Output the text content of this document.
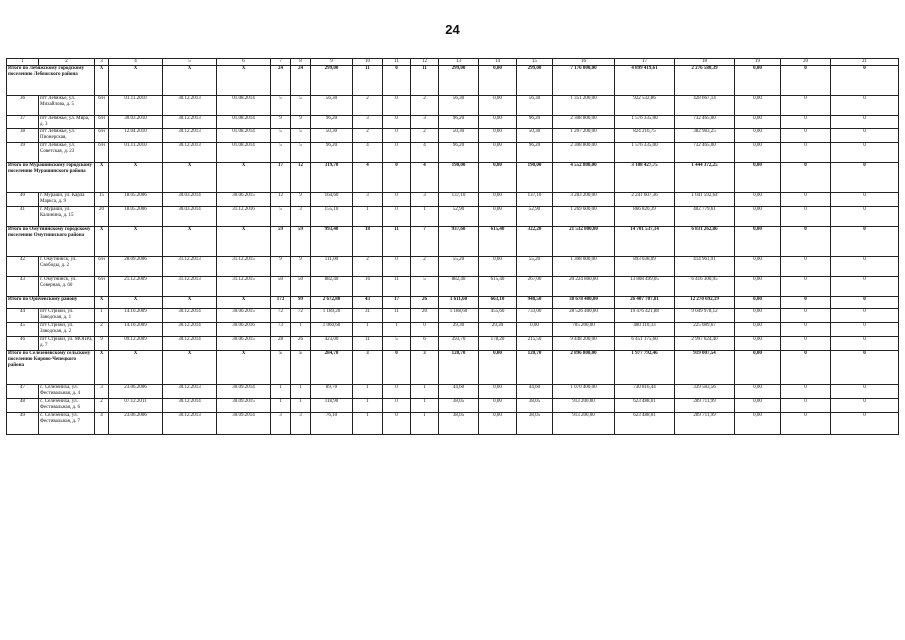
24
1	2	3	4	5	6	7	8	9	10	11	12	13	14	15	16	17	18	19	20	21
Итого по Лебяжскому городскому поселению Лебяжского района		X	X	X	X	24	24	299,00	11	0	11	299,00	0,00	299,00	7 176 000,00	4 899 419,61	2 276 580,39	0,00	0	0
36	пгт Лебяжье, ул. Михайлова, д. 5	б/н	01.11.2010	30.12.2013	01.08.2014	5	5	56,30	2	0	2	56,30	0,00	56,30	1 351 200,00	922 532,86	428 667,14	0,00	0	0
37	пгт Лебяжье, ул. Мира, д. 3	б/н	30.03.2010	30.12.2013	01.08.2014	9	9	96,20	3	0	3	96,20	0,00	96,20	2 308 800,00	1 576 335,00	732 465,00	0,00	0	0
38	пгт Лебяжье, ул. Пионерская,	б/н	12.04.2010	30.12.2013	01.08.2014	5	5	50,30	2	0	2	50,30	0,00	50,30	1 207 200,00	824 216,75	382 983,25	0,00	0	0
39	пгт Лебяжье, ул. Советская, д. 23	б/н	01.11.2010	30.12.2013	01.08.2014	5	5	96,20	4	0	4	96,20	0,00	96,20	2 308 800,00	1 576 335,00	732 465,00	0,00	0	0
Итого по Мурашинскому городскому поселению Мурашинского района		X	X	X	X	17	12	319,70	4	0	4	190,00	0,00	190,00	4 552 800,00	3 108 427,75	1 444 372,25	0,00	0	0
40	г. Мураши, ул. Карла Маркса, д. 9	15	18.05.2006	30.03.2014	30.06.2015	12	9	164,60	3	0	3	137,10	0,00	137,10	3 283 200,00	2 241 607,36	1 041 592,64	0,00	0	0
41	г. Мураши, ул. Калинина, д. 15	20	18.05.2006	30.03.2014	31.12.2016	5	3	155,10	1	0	1	52,90	0,00	52,90	1 269 600,00	866 820,39	402 779,61	0,00	0	0
Итого по Омутнинскому городскому поселению Омутнинского района		X	X	X	X	59	59	993,40	18	11	7	937,60	615,40	322,20	21 532 800,00	14 701 537,14	6 831 262,86	0,00	0	0
42	г. Омутнинск, ул. Свободы, д. 2	б/н	28.09.2006	31.12.2013	31.12.2015	9	9	111,00	2	0	2	55,20	0,00	55,20	1 308 000,00	893 038,09	414 961,91	0,00	0	0
43	г. Омутнинск, ул. Северная, д. 60	б/н	21.12.2009	31.12.2013	31.12.2015	50	50	882,40	16	11	5	882,40	615,40	267,00	20 224 800,00	13 808 499,05	6 416 300,95	0,00	0	0
Итого по Оричевскому району		X	X	X	X	173	99	2 672,80	43	17	26	1 611,60	663,10	948,50	38 678 400,00	26 407 707,81	12 270 692,19	0,00	0	0
44	пгт Стрижи, ул. Заводская, д. 1	1	14.10.2009	30.12.2014	30.06.2015	72	72	1 189,20	31	11	20	1 188,60	455,60	733,00	28 526 400,00	19 476 421,88	9 049 978,12	0,00	0	0
45	пгт Стрижи, ул. Заводская, д. 2	2	14.10.2009	30.12.2014	30.06.2016	73	1	1 060,60	1	1	0	29,30	29,30	0,00	705 200,00	480 110,33	225 089,67	0,00	0	0
46	пгт Стрижи, ул. МОПРа, д. 7	9	09.12.2009	30.12.2014	30.06.2015	28	26	423,00	11	5	6	393,70	178,20	215,50	9 448 200,00	6 451 175,60	2 997 624,40	0,00	0	0
Итого по Селезеневскому сельскому поселению Кирово-Чепецкого района		X	X	X	X	5	5	284,70	3	0	3	120,70	0,00	120,70	2 896 800,00	1 977 792,46	919 007,54	0,00	0	0
47	с. Селезениха, ул. Фестивальная, д. 4	3	23.06.2006	30.12.2013	30.09.2014	1	1	89,70	1	0	1	44,60	0,00	44,60	1 070 400,00	730 816,44	339 583,56	0,00	0	0
48	с. Селезениха, ул. Фестивальная, д. 6	2	07.12.2011	30.12.2014	30.09.2015	1	1	118,90	1	0	1	38,05	0,00	38,05	913 200,00	623 488,01	289 711,99	0,00	0	0
49	с. Селезениха, ул. Фестивальная, д. 7	4	23.06.2006	30.12.2013	30.09.2014	3	3	76,10	1	0	1	38,05	0,00	38,05	913 200,00	623 488,01	289 711,99	0,00	0	0
